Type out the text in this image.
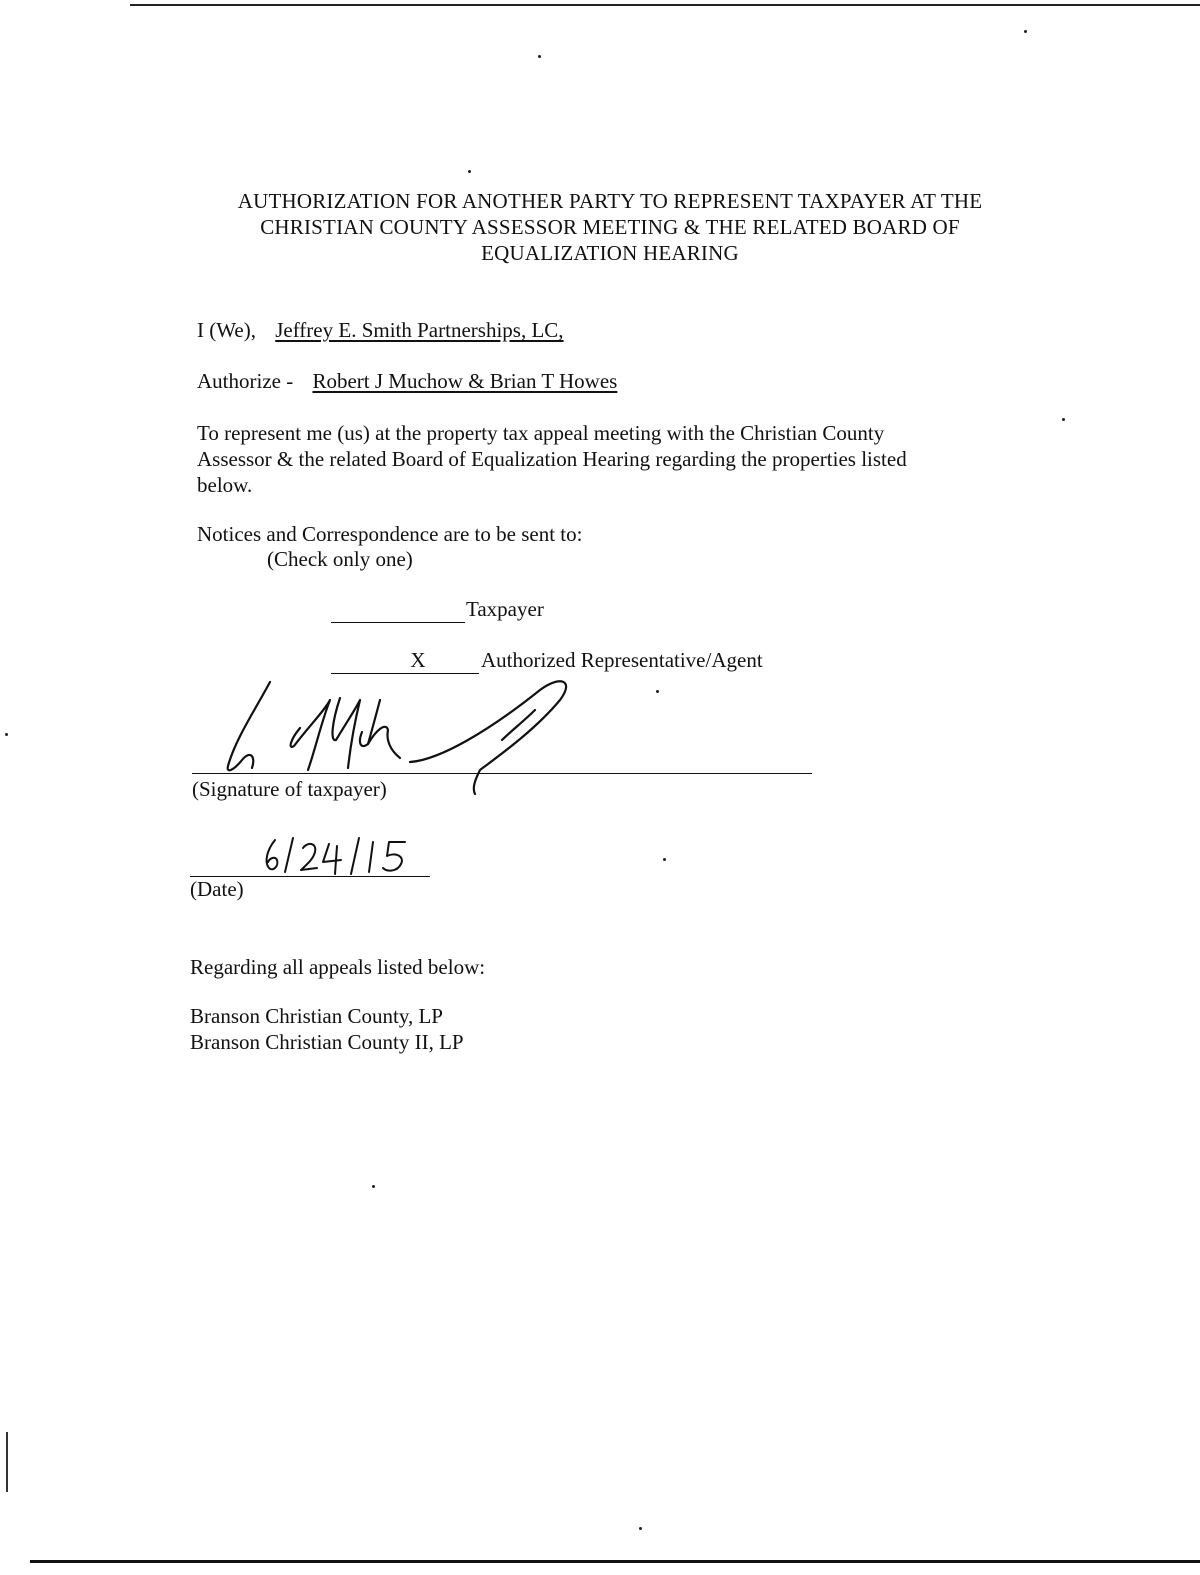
AUTHORIZATION FOR ANOTHER PARTY TO REPRESENT TAXPAYER AT THE
CHRISTIAN COUNTY ASSESSOR MEETING & THE RELATED BOARD OF
EQUALIZATION HEARING
I (We), Jeffrey E. Smith Partnerships, LC,
Authorize - Robert J Muchow & Brian T Howes
To represent me (us) at the property tax appeal meeting with the Christian County
Assessor & the related Board of Equalization Hearing regarding the properties listed
below.
Notices and Correspondence are to be sent to:
(Check only one)
Taxpayer
X	Authorized Representative/Agent
(Signature of taxpayer)
(Date)
Regarding all appeals listed below:
Branson Christian County, LP
Branson Christian County II, LP
